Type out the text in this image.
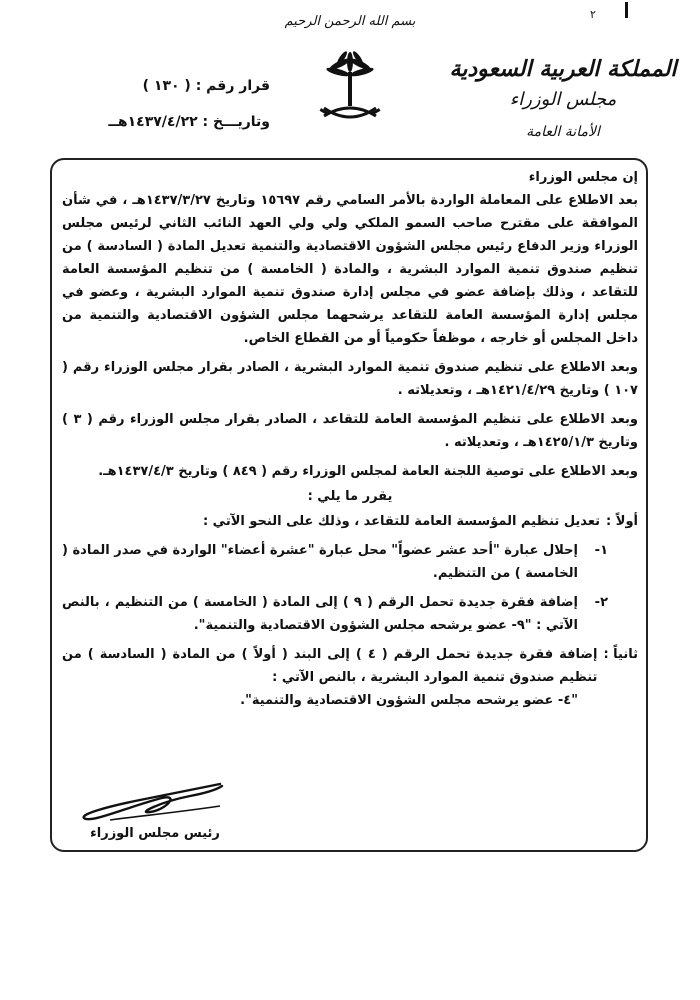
٢
بسم الله الرحمن الرحيم
المملكة العربية السعودية
مجلس الوزراء
الأمانة العامة
قرار رقم : ( ١٣٠ )
وتاريـــخ : ١٤٣٧/٤/٢٢هــ

إن مجلس الوزراء

بعد الاطلاع على المعاملة الواردة بالأمر السامي رقم ١٥٦٩٧ وتاريخ ١٤٣٧/٣/٢٧هـ ، في شأن الموافقة على مقترح صاحب السمو الملكي ولي ولي العهد النائب الثاني لرئيس مجلس الوزراء وزير الدفاع رئيس مجلس الشؤون الاقتصادية والتنمية تعديل المادة ( السادسة ) من تنظيم صندوق تنمية الموارد البشرية ، والمادة ( الخامسة ) من تنظيم المؤسسة العامة للتقاعد ، وذلك بإضافة عضو في مجلس إدارة صندوق تنمية الموارد البشرية ، وعضو في مجلس إدارة المؤسسة العامة للتقاعد يرشحهما مجلس الشؤون الاقتصادية والتنمية من داخل المجلس أو خارجه ، موظفاً حكومياً أو من القطاع الخاص.

وبعد الاطلاع على تنظيم صندوق تنمية الموارد البشرية ، الصادر بقرار مجلس الوزراء رقم ( ١٠٧ ) وتاريخ ١٤٢١/٤/٢٩هـ ، وتعديلاته .

وبعد الاطلاع على تنظيم المؤسسة العامة للتقاعد ، الصادر بقرار مجلس الوزراء رقم ( ٣ ) وتاريخ ١٤٢٥/١/٣هـ ، وتعديلاته .

وبعد الاطلاع على توصية اللجنة العامة لمجلس الوزراء رقم ( ٨٤٩ ) وتاريخ ١٤٣٧/٤/٣هـ.

يقرر ما يلي :

أولاً :
تعديل تنظيم المؤسسة العامة للتقاعد ، وذلك على النحو الآتي :
١-
إحلال عبارة "أحد عشر عضواً" محل عبارة "عشرة أعضاء" الواردة في صدر المادة ( الخامسة ) من التنظيم.
٢-
إضافة فقرة جديدة تحمل الرقم ( ٩ ) إلى المادة ( الخامسة ) من التنظيم ، بالنص الآتي : "٩- عضو يرشحه مجلس الشؤون الاقتصادية والتنمية".
ثانياً :
إضافة فقرة جديدة تحمل الرقم ( ٤ ) إلى البند ( أولاً ) من المادة ( السادسة ) من تنظيم صندوق تنمية الموارد البشرية ، بالنص الآتي :

"٤- عضو يرشحه مجلس الشؤون الاقتصادية والتنمية".

رئيس مجلس الوزراء
